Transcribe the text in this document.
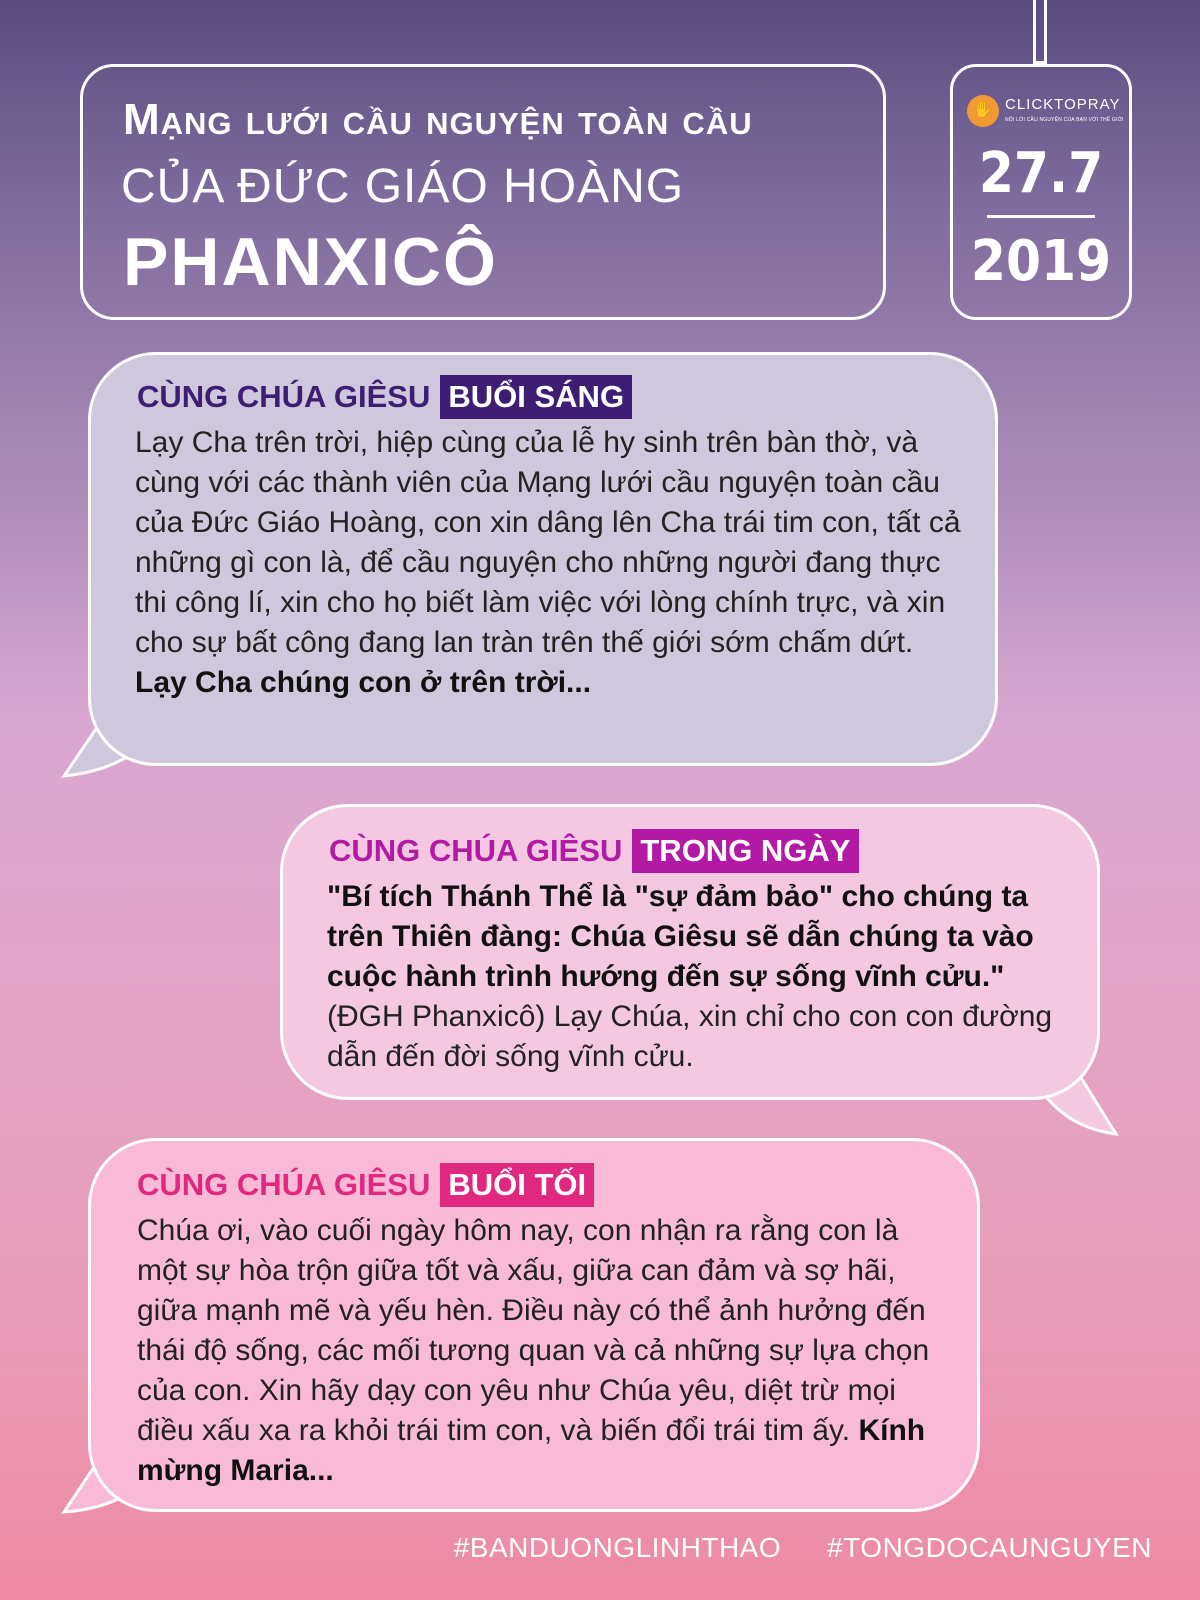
Mạng lưới cầu nguyện toàn cầu
CỦA ĐỨC GIÁO HOÀNG
PHANXICÔ
✋ CLICKTOPRAY
NỐI LỜI CẦU NGUYỆN CỦA BẠN VỚI THẾ GIỚI
27.7
2019
CÙNG CHÚA GIÊSU BUỔI SÁNG
Lạy Cha trên trời, hiệp cùng của lễ hy sinh trên bàn thờ, và cùng với các thành viên của Mạng lưới cầu nguyện toàn cầu của Đức Giáo Hoàng, con xin dâng lên Cha trái tim con, tất cả những gì con là, để cầu nguyện cho những người đang thực thi công lí, xin cho họ biết làm việc với lòng chính trực, và xin cho sự bất công đang lan tràn trên thế giới sớm chấm dứt. Lạy Cha chúng con ở trên trời...
CÙNG CHÚA GIÊSU TRONG NGÀY
"Bí tích Thánh Thể là "sự đảm bảo" cho chúng ta trên Thiên đàng: Chúa Giêsu sẽ dẫn chúng ta vào cuộc hành trình hướng đến sự sống vĩnh cửu." (ĐGH Phanxicô) Lạy Chúa, xin chỉ cho con con đường dẫn đến đời sống vĩnh cửu.
CÙNG CHÚA GIÊSU BUỔI TỐI
Chúa ơi, vào cuối ngày hôm nay, con nhận ra rằng con là một sự hòa trộn giữa tốt và xấu, giữa can đảm và sợ hãi, giữa mạnh mẽ và yếu hèn. Điều này có thể ảnh hưởng đến thái độ sống, các mối tương quan và cả những sự lựa chọn của con. Xin hãy dạy con yêu như Chúa yêu, diệt trừ mọi điều xấu xa ra khỏi trái tim con, và biến đổi trái tim ấy. Kính mừng Maria...
#BANDUONGLINHTHAO #TONGDOCAUNGUYEN
